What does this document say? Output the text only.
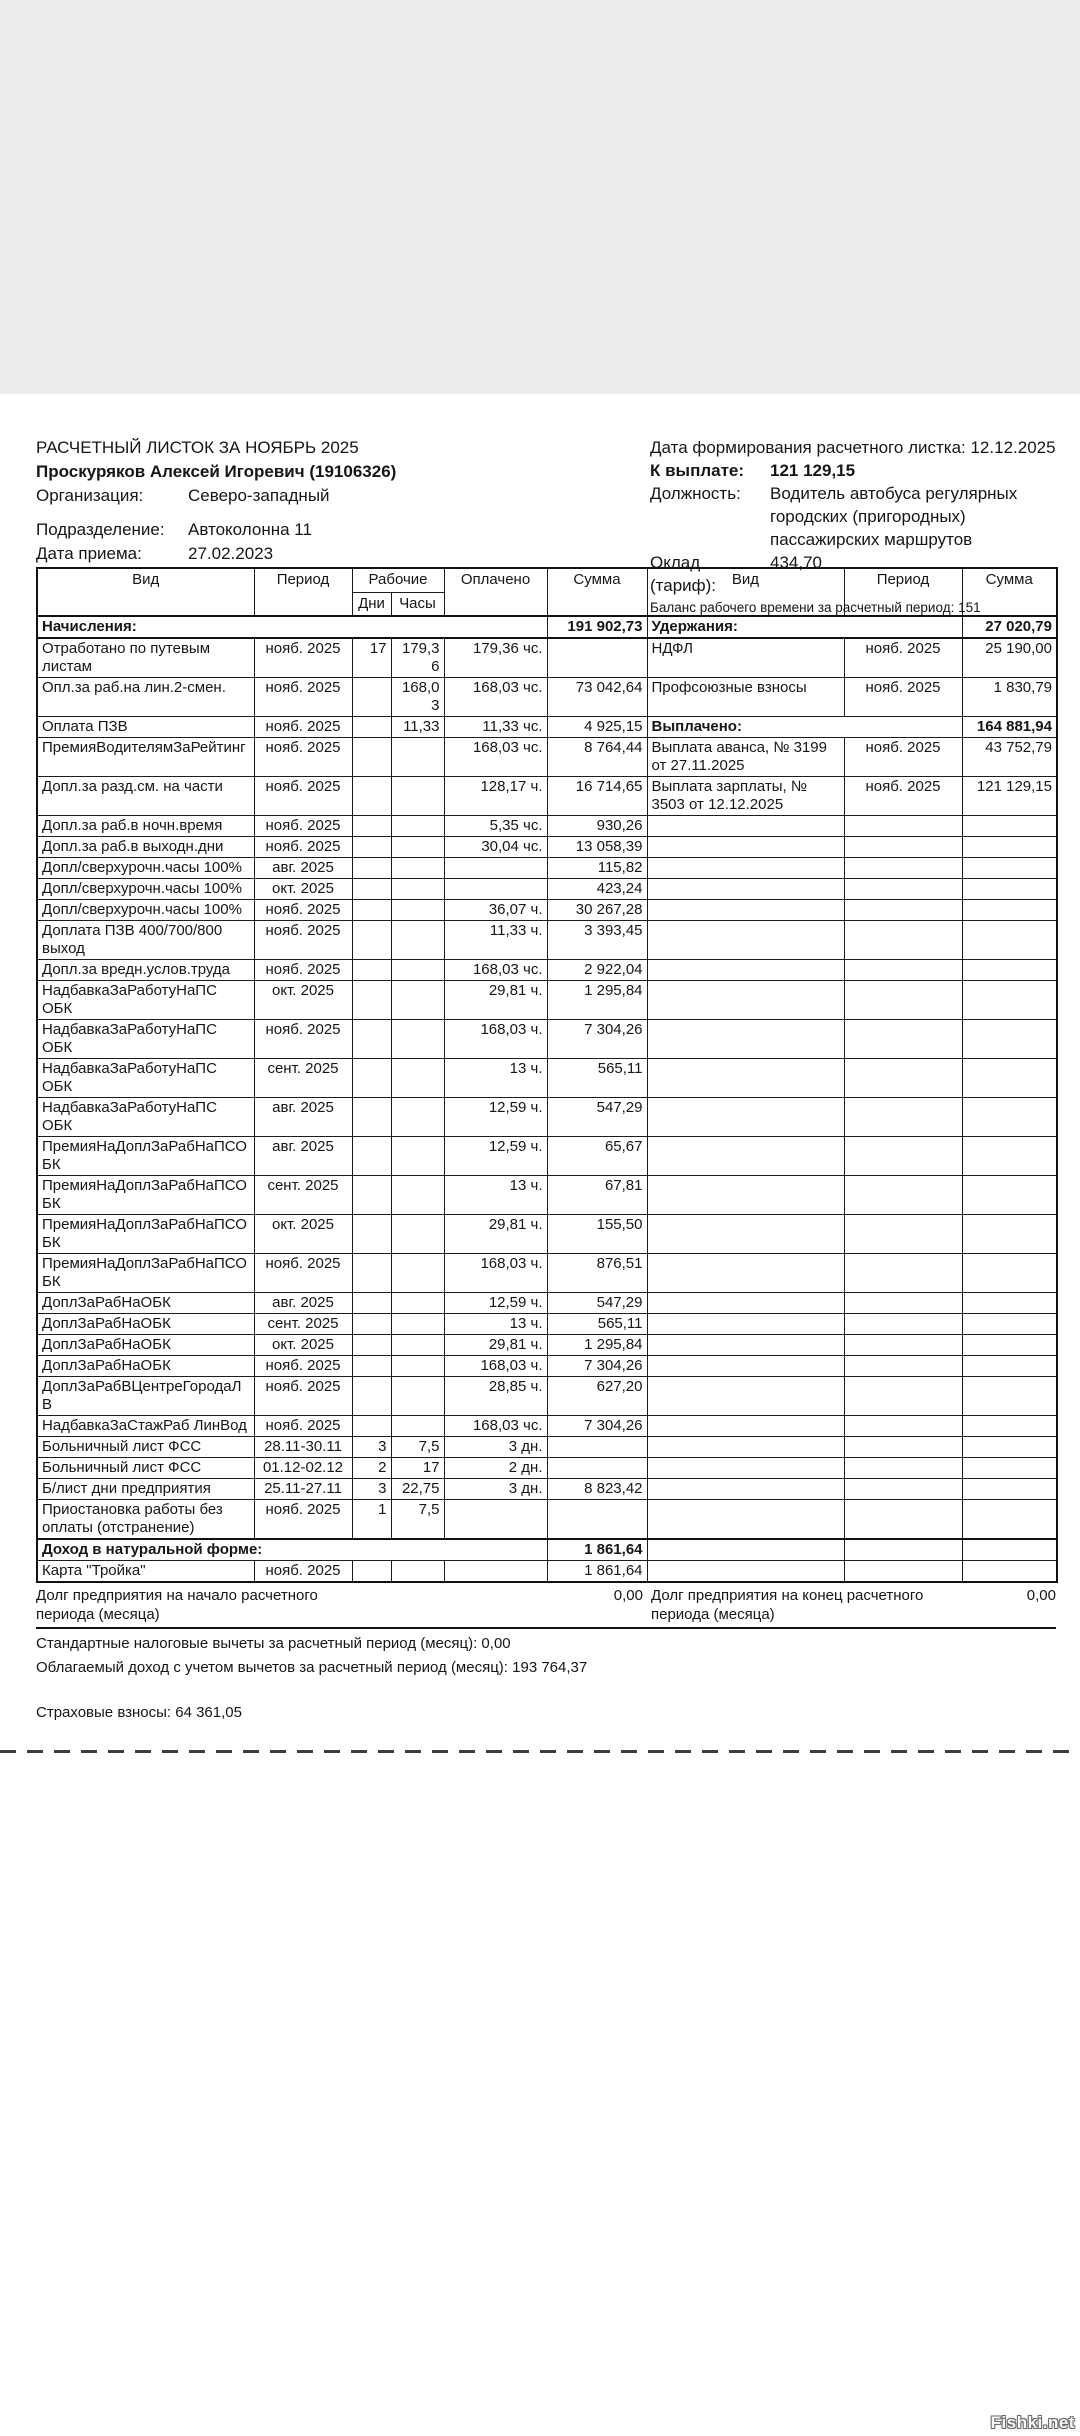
РАСЧЕТНЫЙ ЛИСТОК ЗА НОЯБРЬ 2025
Проскуряков Алексей Игоревич (19106326)
Организация:	Северо-западный
Подразделение:	Автоколонна 11
Дата приема:	27.02.2023
Дата формирования расчетного листка: 12.12.2025
К выплате:	121 129,15
Должность:	Водитель автобуса регулярных городских (пригородных) пассажирских маршрутов
Оклад (тариф):
434,70
Баланс рабочего времени за расчетный период: 151
Вид	Период	Рабочие		Оплачено	Сумма	Вид	Период	Сумма
		Дни	Часы					
Начисления:					191 902,73	Удержания:		27 020,79
Отработано по путевым листам	нояб. 2025	17	179,36	179,36 чс.		НДФЛ	нояб. 2025	25 190,00
Опл.за раб.на лин.2-смен.	нояб. 2025		168,03	168,03 чс.	73 042,64	Профсоюзные взносы	нояб. 2025	1 830,79
Оплата ПЗВ	нояб. 2025		11,33	11,33 чс.	4 925,15	Выплачено:		164 881,94
ПремияВодителямЗаРейтинг	нояб. 2025			168,03 чс.	8 764,44	Выплата аванса, № 3199 от 27.11.2025	нояб. 2025	43 752,79
Допл.за разд.см. на части	нояб. 2025			128,17 ч.	16 714,65	Выплата зарплаты, № 3503 от 12.12.2025	нояб. 2025	121 129,15
Допл.за раб.в ночн.время	нояб. 2025			5,35 чс.	930,26			
Допл.за раб.в выходн.дни	нояб. 2025			30,04 чс.	13 058,39			
Допл/сверхурочн.часы 100%	авг. 2025				115,82			
Допл/сверхурочн.часы 100%	окт. 2025				423,24			
Допл/сверхурочн.часы 100%	нояб. 2025			36,07 ч.	30 267,28			
Доплата ПЗВ 400/700/800 выход	нояб. 2025			11,33 ч.	3 393,45			
Допл.за вредн.услов.труда	нояб. 2025			168,03 чс.	2 922,04			
НадбавкаЗаРаботуНаПС ОБК	окт. 2025			29,81 ч.	1 295,84			
НадбавкаЗаРаботуНаПС ОБК	нояб. 2025			168,03 ч.	7 304,26			
НадбавкаЗаРаботуНаПС ОБК	сент. 2025			13 ч.	565,11			
НадбавкаЗаРаботуНаПС ОБК	авг. 2025			12,59 ч.	547,29			
ПремияНаДоплЗаРабНаПСОБК	авг. 2025			12,59 ч.	65,67			
ПремияНаДоплЗаРабНаПСОБК	сент. 2025			13 ч.	67,81			
ПремияНаДоплЗаРабНаПСОБК	окт. 2025			29,81 ч.	155,50			
ПремияНаДоплЗаРабНаПСОБК	нояб. 2025			168,03 ч.	876,51			
ДоплЗаРабНаОБК	авг. 2025			12,59 ч.	547,29			
ДоплЗаРабНаОБК	сент. 2025			13 ч.	565,11			
ДоплЗаРабНаОБК	окт. 2025			29,81 ч.	1 295,84			
ДоплЗаРабНаОБК	нояб. 2025			168,03 ч.	7 304,26			
ДоплЗаРабВЦентреГородаЛВ	нояб. 2025			28,85 ч.	627,20			
НадбавкаЗаСтажРаб ЛинВод	нояб. 2025			168,03 чс.	7 304,26			
Больничный лист ФСС	28.11-30.11	3	7,5	3 дн.				
Больничный лист ФСС	01.12-02.12	2	17	2 дн.				
Б/лист дни предприятия	25.11-27.11	3	22,75	3 дн.	8 823,42			
Приостановка работы без оплаты (отстранение)	нояб. 2025	1	7,5					
Доход в натуральной форме:					1 861,64			
Карта "Тройка"	нояб. 2025				1 861,64			
Долг предприятия на начало расчетного периода (месяца)
0,00 Долг предприятия на конец расчетного периода (месяца)
0,00
Стандартные налоговые вычеты за расчетный период (месяц): 0,00
Облагаемый доход с учетом вычетов за расчетный период (месяц): 193 764,37
Страховые взносы: 64 361,05
Fishki.net
